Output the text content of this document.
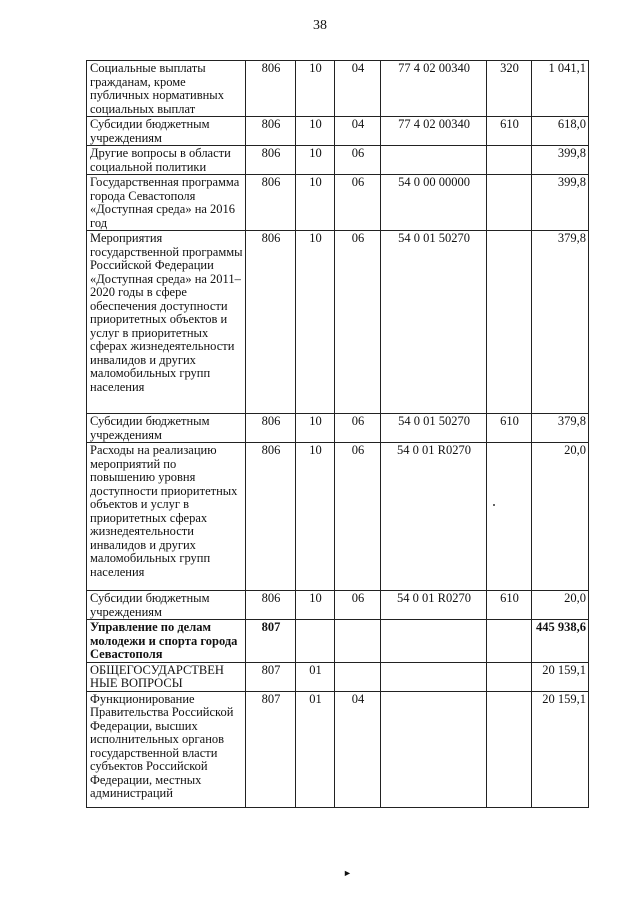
38
Социальные выплаты гражданам, кроме публичных нормативных социальных выплат	806	10	04	77 4 02 00340	320	1 041,1
Субсидии бюджетным учреждениям	806	10	04	77 4 02 00340	610	618,0
Другие вопросы в области социальной политики	806	10	06			399,8
Государственная программа города Севастополя «Доступная среда» на 2016 год	806	10	06	54 0 00 00000		399,8
Мероприятия государственной программы Российской Федерации «Доступная среда» на 2011–2020 годы в сфере обеспечения доступности приоритетных объектов и услуг в приоритетных сферах жизнедеятельности инвалидов и других маломобильных групп населения	806	10	06	54 0 01 50270		379,8
Субсидии бюджетным учреждениям	806	10	06	54 0 01 50270	610	379,8
Расходы на реализацию мероприятий по повышению уровня доступности приоритетных объектов и услуг в приоритетных сферах жизнедеятельности инвалидов и других маломобильных групп населения	806	10	06	54 0 01 R0270		20,0
Субсидии бюджетным учреждениям	806	10	06	54 0 01 R0270	610	20,0
Управление по делам молодежи и спорта города Севастополя	807					445 938,6
ОБЩЕГОСУДАРСТВЕН НЫЕ ВОПРОСЫ	807	01				20 159,1
Функционирование Правительства Российской Федерации, высших исполнительных органов государственной власти субъектов Российской Федерации, местных администраций	807	01	04			20 159,1
►
